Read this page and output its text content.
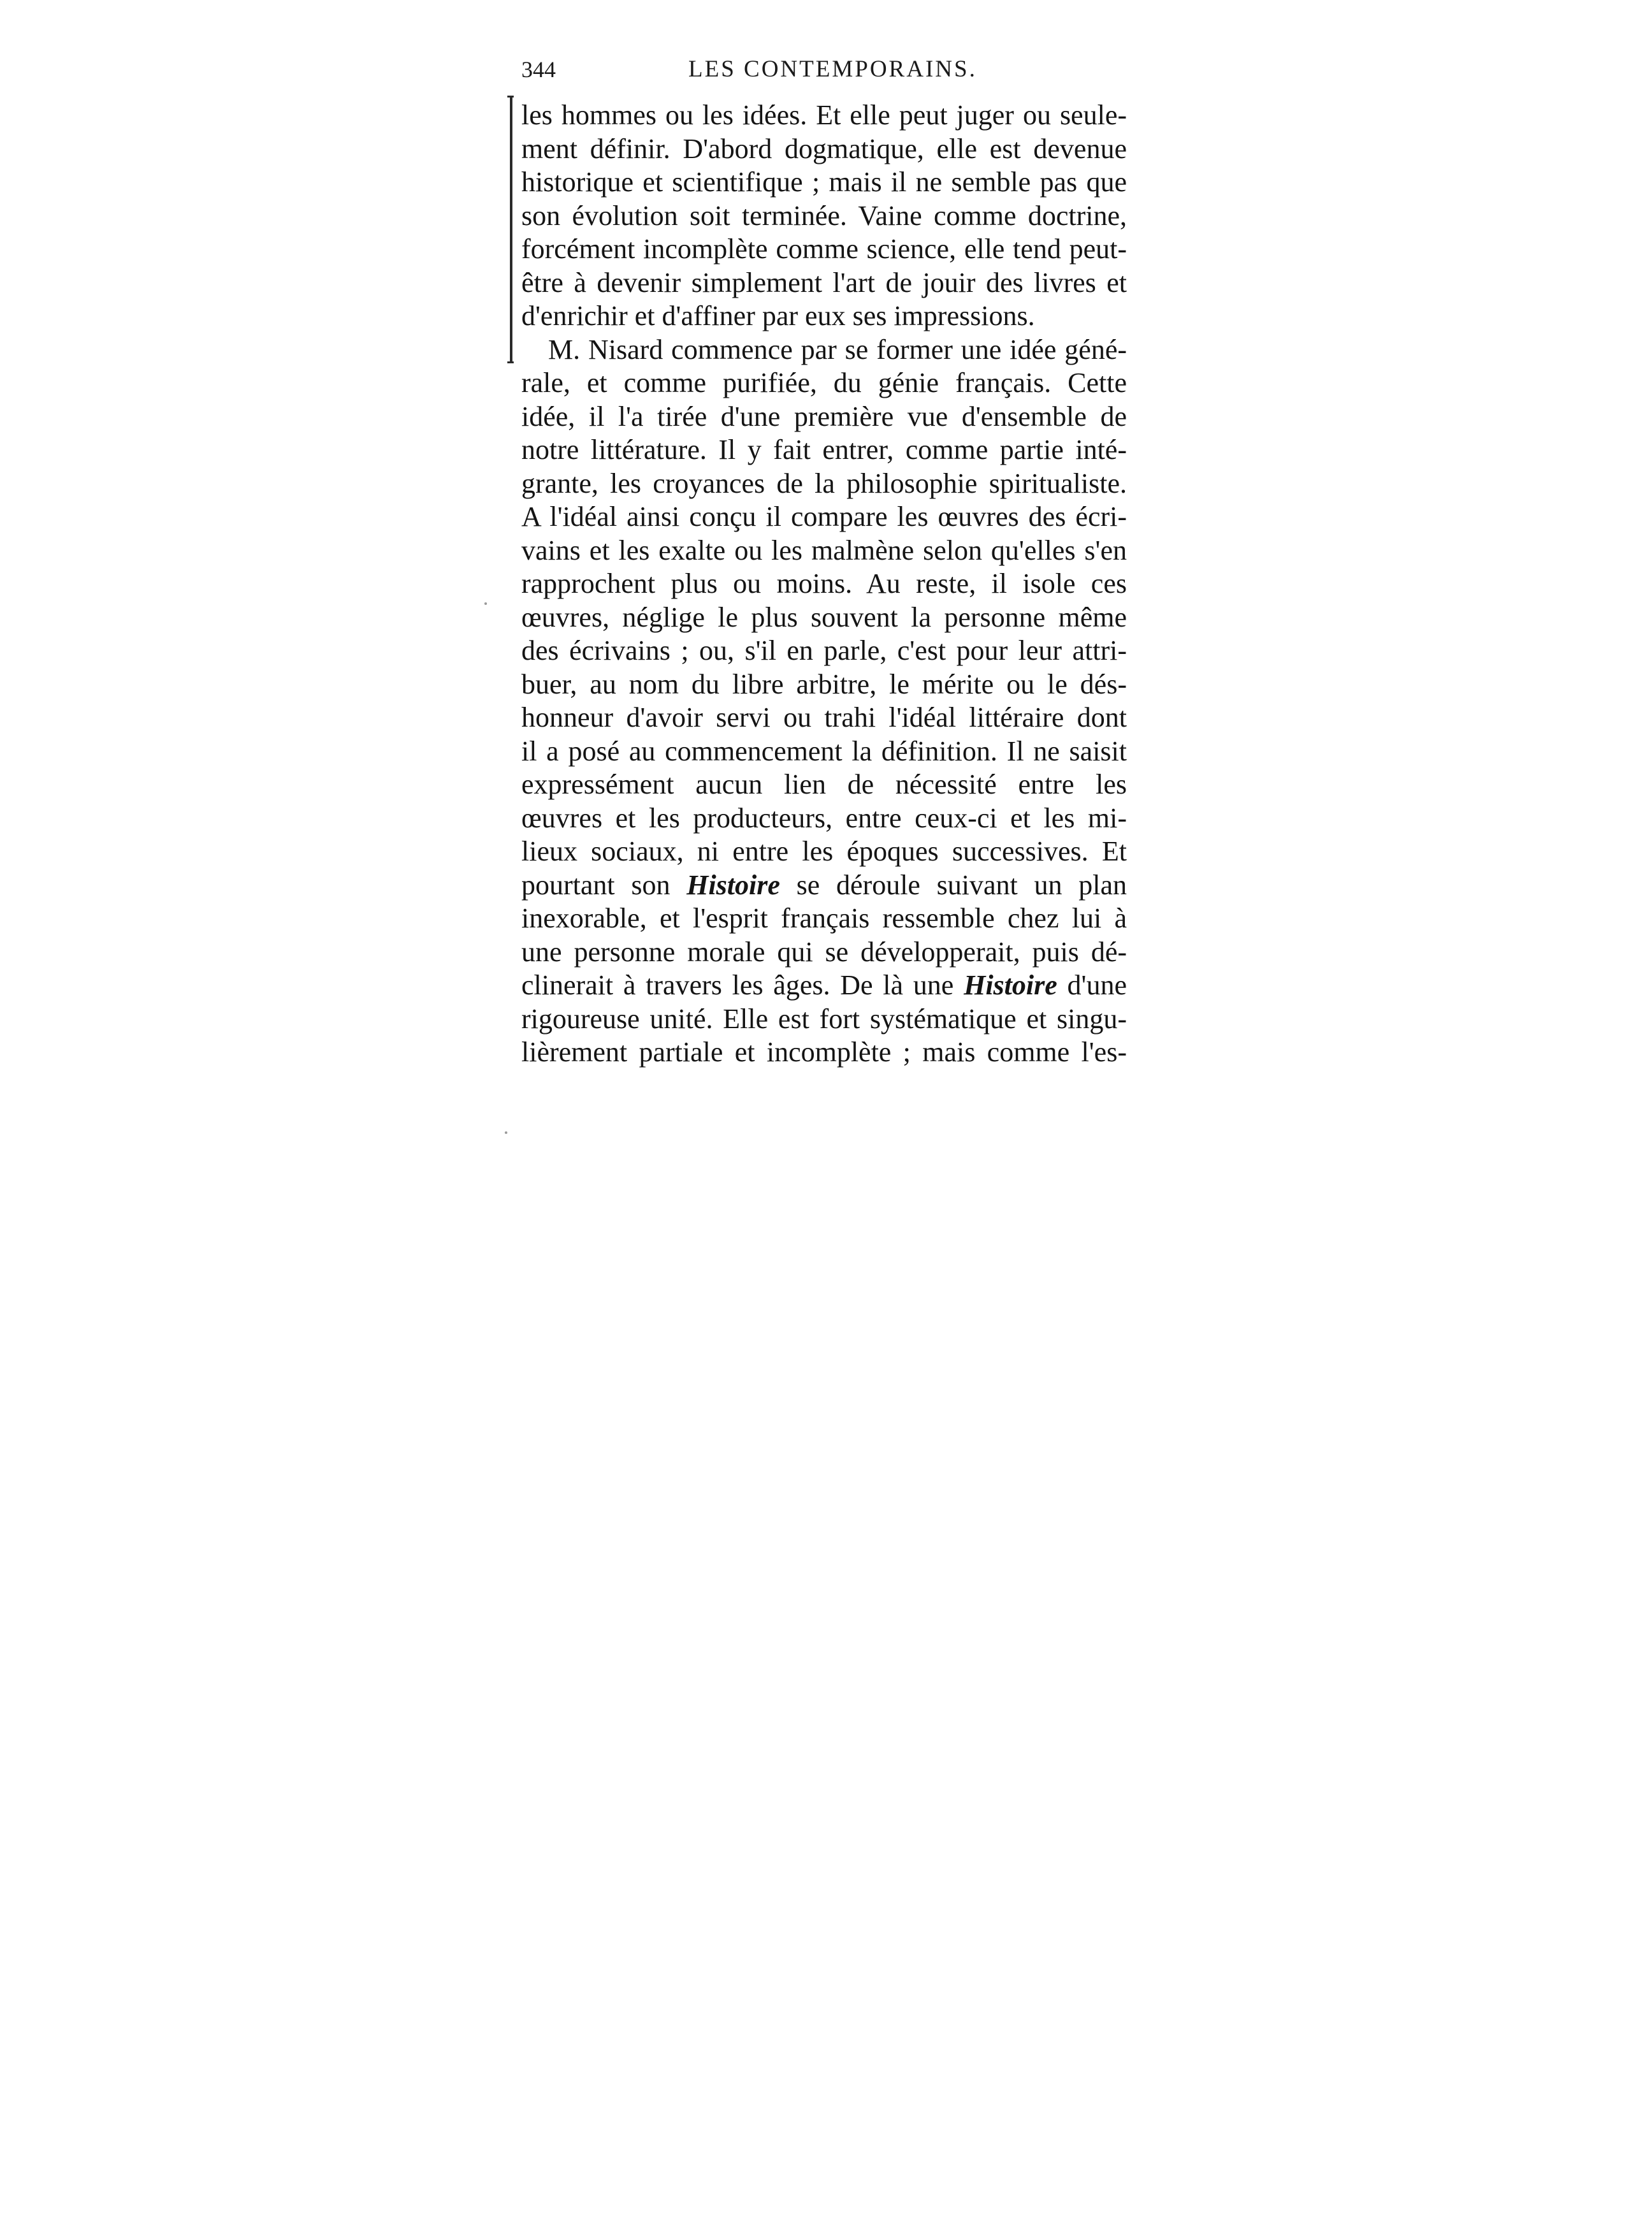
344	LES CONTEMPORAINS.
les hommes ou les idées. Et elle peut juger ou seule-
ment définir. D'abord dogmatique, elle est devenue
historique et scientifique ; mais il ne semble pas que
son évolution soit terminée. Vaine comme doctrine,
forcément incomplète comme science, elle tend peut-
être à devenir simplement l'art de jouir des livres et
d'enrichir et d'affiner par eux ses impressions.
M. Nisard commence par se former une idée géné-
rale, et comme purifiée, du génie français. Cette
idée, il l'a tirée d'une première vue d'ensemble de
notre littérature. Il y fait entrer, comme partie inté-
grante, les croyances de la philosophie spiritualiste.
A l'idéal ainsi conçu il compare les œuvres des écri-
vains et les exalte ou les malmène selon qu'elles s'en
rapprochent plus ou moins. Au reste, il isole ces
œuvres, néglige le plus souvent la personne même
des écrivains ; ou, s'il en parle, c'est pour leur attri-
buer, au nom du libre arbitre, le mérite ou le dés-
honneur d'avoir servi ou trahi l'idéal littéraire dont
il a posé au commencement la définition. Il ne saisit
expressément aucun lien de nécessité entre les
œuvres et les producteurs, entre ceux-ci et les mi-
lieux sociaux, ni entre les époques successives. Et
pourtant son Histoire se déroule suivant un plan
inexorable, et l'esprit français ressemble chez lui à
une personne morale qui se développerait, puis dé-
clinerait à travers les âges. De là une Histoire d'une
rigoureuse unité. Elle est fort systématique et singu-
lièrement partiale et incomplète ; mais comme l'es-
